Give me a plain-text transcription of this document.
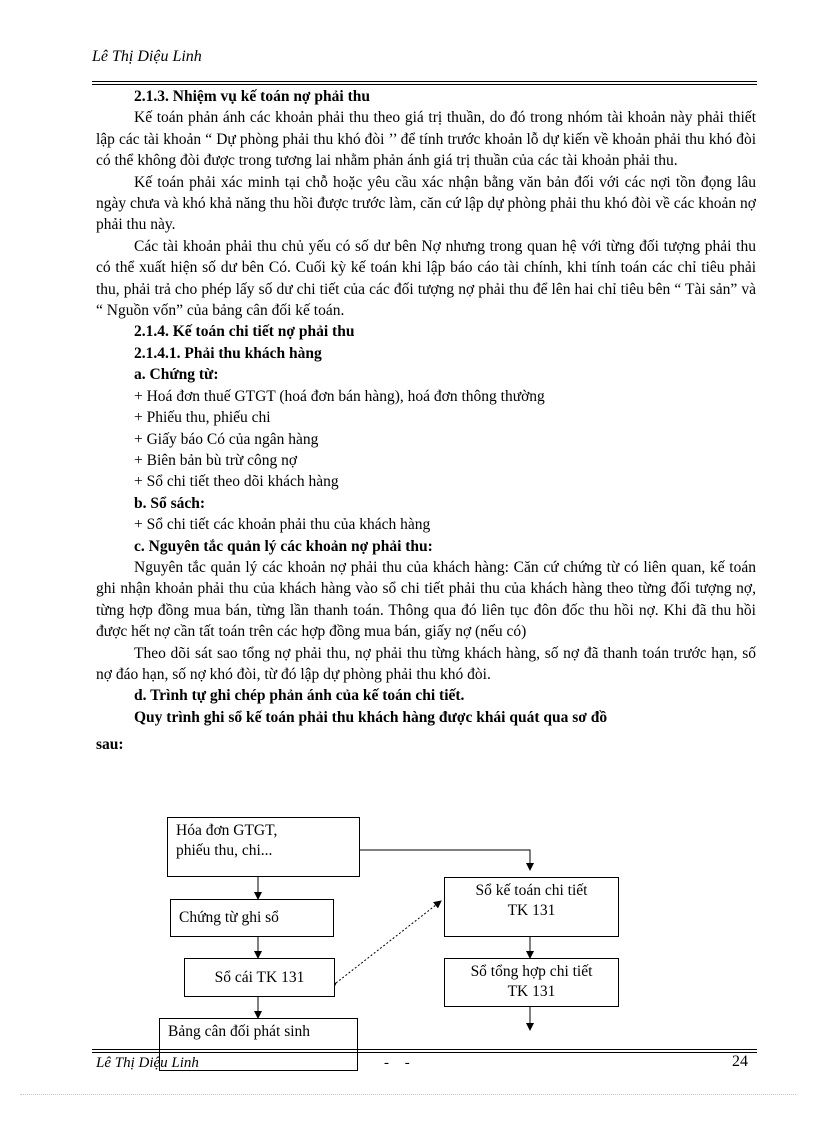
Lê Thị Diệu Linh

2.1.3. Nhiệm vụ kế toán nợ phải thu

Kế toán phản ánh các khoản phải thu theo giá trị thuần, do đó trong nhóm tài khoản này phải thiết lập các tài khoản “ Dự phòng phải thu khó đòi ’’ để tính trước khoản lỗ dự kiến về khoản phải thu khó đòi có thể không đòi được trong tương lai nhằm phản ánh giá trị thuần của các tài khoản phải thu.

Kế toán phải xác minh tại chỗ hoặc yêu cầu xác nhận bằng văn bản đối với các nợi tồn đọng lâu ngày chưa và khó khả năng thu hồi được trước làm, căn cứ lập dự phòng phải thu khó đòi về các khoản nợ phải thu này.

Các tài khoản phải thu chủ yếu có số dư bên Nợ nhưng trong quan hệ với từng đối tượng phải thu có thể xuất hiện số dư bên Có. Cuối kỳ kế toán khi lập báo cáo tài chính, khi tính toán các chỉ tiêu phải thu, phải trả cho phép lấy số dư chi tiết của các đối tượng nợ phải thu để lên hai chỉ tiêu bên “ Tài sản” và “ Nguồn vốn” của bảng cân đối kế toán.

2.1.4. Kế toán chi tiết nợ phải thu

2.1.4.1. Phải thu khách hàng

a. Chứng từ:

+ Hoá đơn thuế GTGT (hoá đơn bán hàng), hoá đơn thông thường

+ Phiếu thu, phiếu chi

+ Giấy báo Có của ngân hàng

+ Biên bản bù trừ công nợ

+ Sổ chi tiết theo dõi khách hàng

b. Sổ sách:

+ Sổ chi tiết các khoản phải thu của khách hàng

c. Nguyên tắc quản lý các khoản nợ phải thu:

Nguyên tắc quản lý các khoản nợ phải thu của khách hàng: Căn cứ chứng từ có liên quan, kế toán ghi nhận khoản phải thu của khách hàng vào sổ chi tiết phải thu của khách hàng theo từng đối tượng nợ, từng hợp đồng mua bán, từng lần thanh toán. Thông qua đó liên tục đôn đốc thu hồi nợ. Khi đã thu hồi được hết nợ cần tất toán trên các hợp đồng mua bán, giấy nợ (nếu có)

Theo dõi sát sao tổng nợ phải thu, nợ phải thu từng khách hàng, số nợ đã thanh toán trước hạn, số nợ đáo hạn, số nợ khó đòi, từ đó lập dự phòng phải thu khó đòi.

d. Trình tự ghi chép phản ánh của kế toán chi tiết.

Quy trình ghi sổ kế toán phải thu khách hàng được khái quát qua sơ đồ

sau:

Hóa đơn GTGT,
phiếu thu, chi...
Chứng từ ghi sổ
Sổ cái TK 131
Bảng cân đối phát sinh
Sổ kế toán chi tiết
TK 131
Sổ tổng hợp chi tiết
TK 131
Lê Thị Diệu Linh	- -	24
